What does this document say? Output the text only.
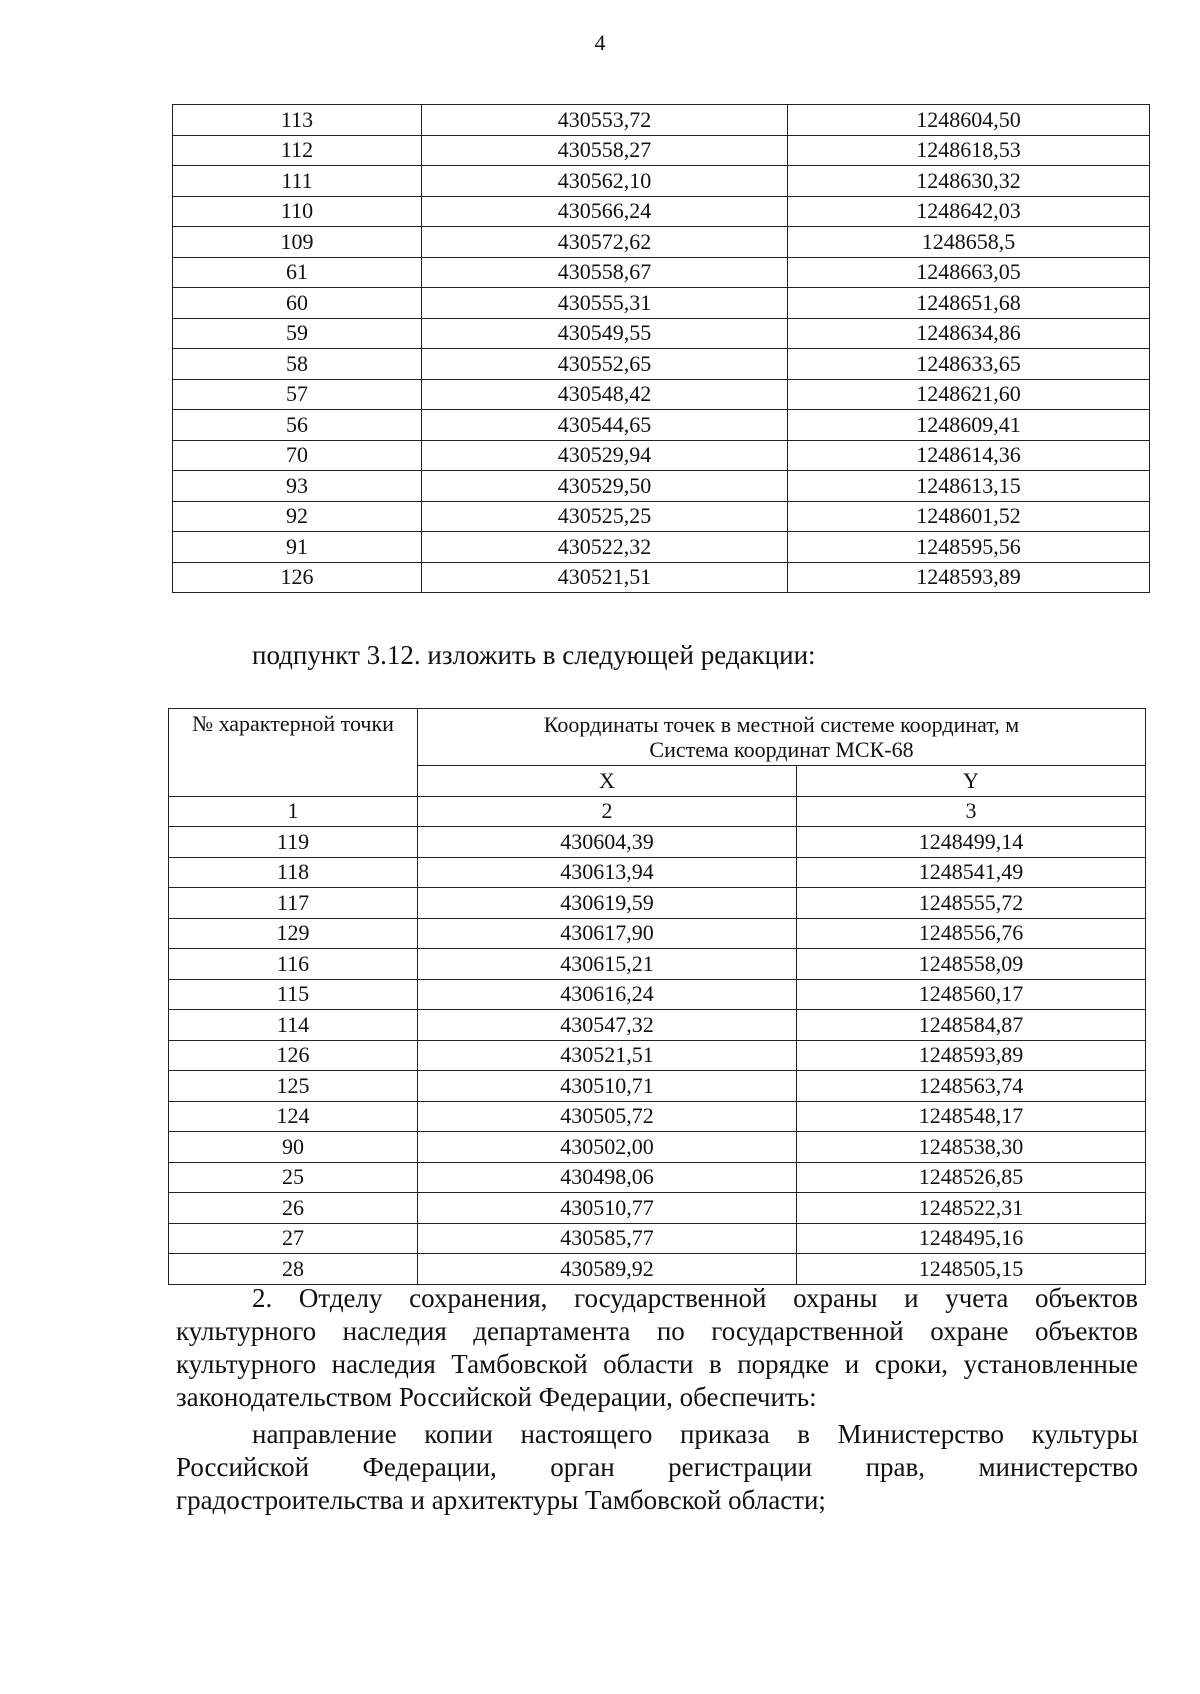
4
113	430553,72	1248604,50
112	430558,27	1248618,53
111	430562,10	1248630,32
110	430566,24	1248642,03
109	430572,62	1248658,5
61	430558,67	1248663,05
60	430555,31	1248651,68
59	430549,55	1248634,86
58	430552,65	1248633,65
57	430548,42	1248621,60
56	430544,65	1248609,41
70	430529,94	1248614,36
93	430529,50	1248613,15
92	430525,25	1248601,52
91	430522,32	1248595,56
126	430521,51	1248593,89
подпункт 3.12. изложить в следующей редакции:
№ характерной точки	Координаты точек в местной системе координат, м
Система координат МСК-68	

	X	Y
1	2	3
119	430604,39	1248499,14
118	430613,94	1248541,49
117	430619,59	1248555,72
129	430617,90	1248556,76
116	430615,21	1248558,09
115	430616,24	1248560,17
114	430547,32	1248584,87
126	430521,51	1248593,89
125	430510,71	1248563,74
124	430505,72	1248548,17
90	430502,00	1248538,30
25	430498,06	1248526,85
26	430510,77	1248522,31
27	430585,77	1248495,16
28	430589,92	1248505,15

2. Отделу сохранения, государственной охраны и учета объектов культурного наследия департамента по государственной охране объектов культурного наследия Тамбовской области в порядке и сроки, установленные законодательством Российской Федерации, обеспечить:

направление копии настоящего приказа в Министерство культуры Российской Федерации, орган регистрации прав, министерство градостроительства и архитектуры Тамбовской области;
